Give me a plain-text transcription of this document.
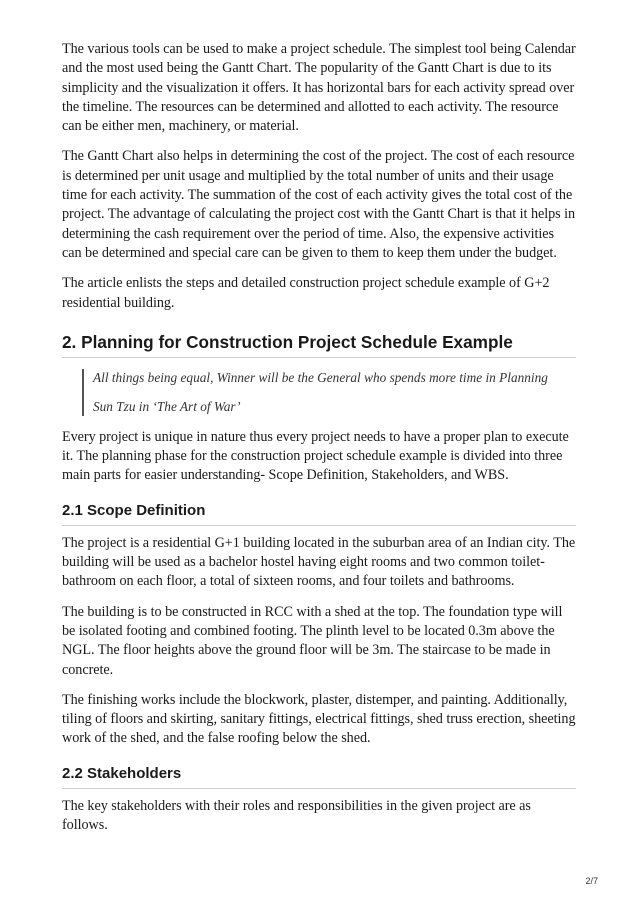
The various tools can be used to make a project schedule. The simplest tool being Calendar and the most used being the Gantt Chart. The popularity of the Gantt Chart is due to its simplicity and the visualization it offers. It has horizontal bars for each activity spread over the timeline. The resources can be determined and allotted to each activity. The resource can be either men, machinery, or material.

The Gantt Chart also helps in determining the cost of the project. The cost of each resource is determined per unit usage and multiplied by the total number of units and their usage time for each activity. The summation of the cost of each activity gives the total cost of the project. The advantage of calculating the project cost with the Gantt Chart is that it helps in determining the cash requirement over the period of time. Also, the expensive activities can be determined and special care can be given to them to keep them under the budget.

The article enlists the steps and detailed construction project schedule example of G+2 residential building.

2. Planning for Construction Project Schedule Example

All things being equal, Winner will be the General who spends more time in Planning

Sun Tzu in ‘The Art of War’

Every project is unique in nature thus every project needs to have a proper plan to execute it. The planning phase for the construction project schedule example is divided into three main parts for easier understanding- Scope Definition, Stakeholders, and WBS.

2.1 Scope Definition

The project is a residential G+1 building located in the suburban area of an Indian city. The building will be used as a bachelor hostel having eight rooms and two common toilet-bathroom on each floor, a total of sixteen rooms, and four toilets and bathrooms.

The building is to be constructed in RCC with a shed at the top. The foundation type will be isolated footing and combined footing. The plinth level to be located 0.3m above the NGL. The floor heights above the ground floor will be 3m. The staircase to be made in concrete.

The finishing works include the blockwork, plaster, distemper, and painting. Additionally, tiling of floors and skirting, sanitary fittings, electrical fittings, shed truss erection, sheeting work of the shed, and the false roofing below the shed.

2.2 Stakeholders

The key stakeholders with their roles and responsibilities in the given project are as follows.

2/7
